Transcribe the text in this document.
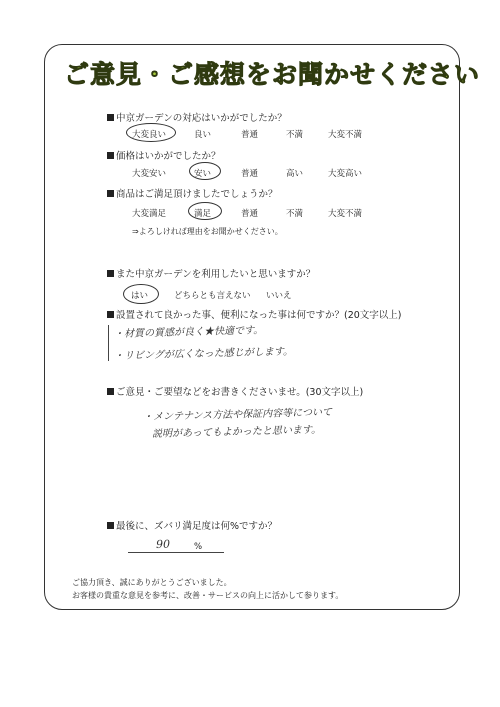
ご意見・ご感想をお聞かせください
中京ガーデンの対応はいかがでしたか？
大変良い	良い	普通	不満	大変不満
価格はいかがでしたか？
大変安い	安い	普通	高い	大変高い
商品はご満足頂けましたでしょうか？
大変満足	満足	普通	不満	大変不満
⇒よろしければ理由をお聞かせください。
また中京ガーデンを利用したいと思いますか？
はい	どちらとも言えない いいえ
設置されて良かった事、便利になった事は何ですか？(20文字以上)
・材質の質感が良く★快適です。
・リビングが広くなった感じがします。
ご意見・ご要望などをお書きくださいませ。(30文字以上)
・メンテナンス方法や保証内容等について
説明があってもよかったと思います。
最後に、ズバリ満足度は何%ですか？
90	%
ご協力頂き、誠にありがとうございました。
お客様の貴重な意見を参考に、改善・サービスの向上に活かして参ります。
